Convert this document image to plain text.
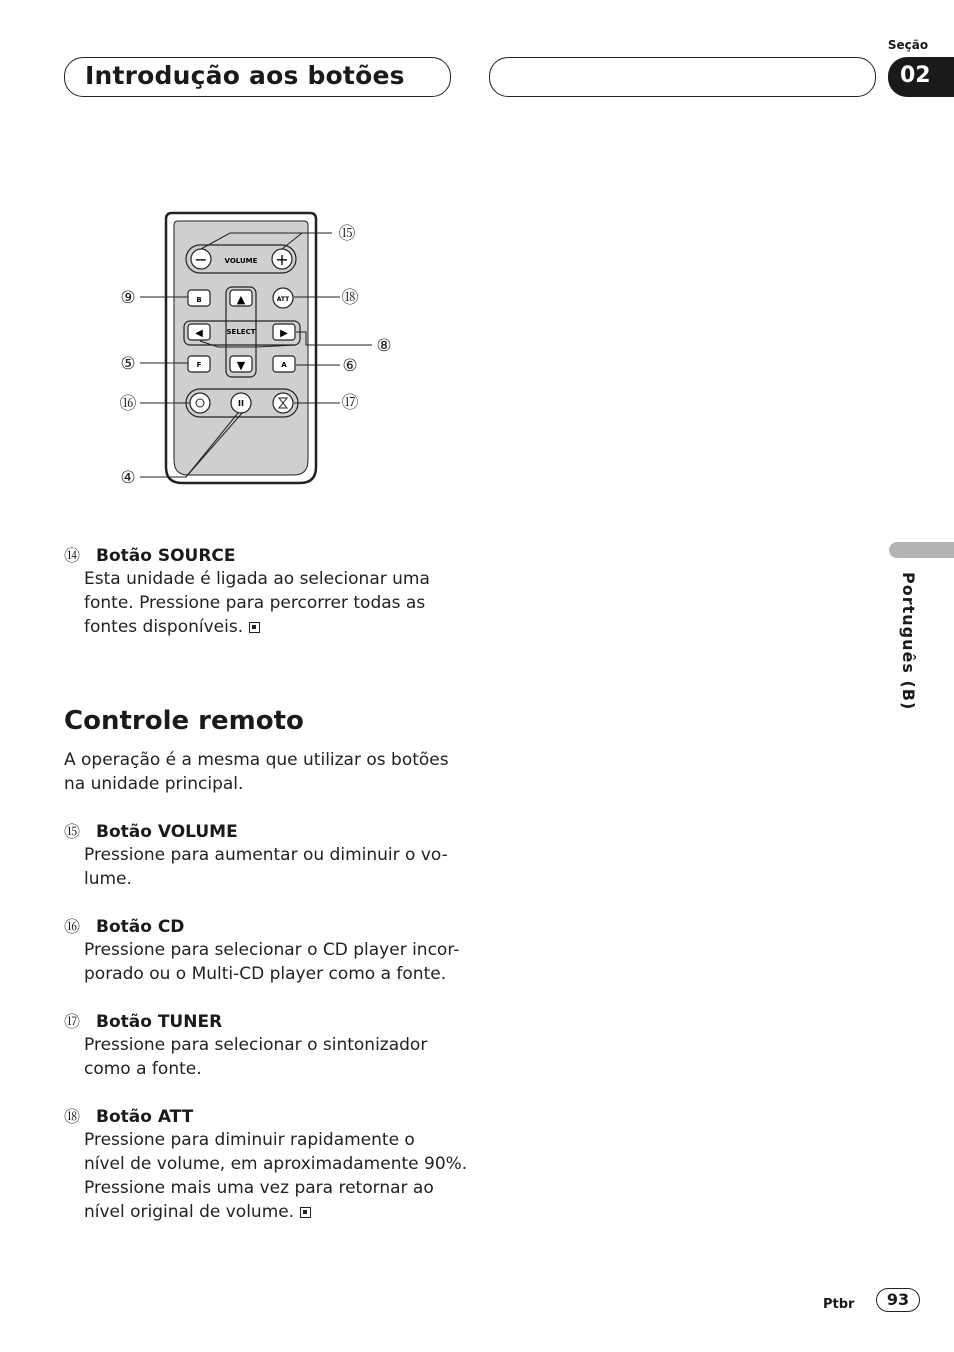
Introdução aos botões
Seção
02
−	+
VOLUME
B	ATT
▲
▼
◀	▶
SELECT
F	A
II
⑮
⑨	⑱
⑧
⑤	⑥
⑯	⑰
④
⑭ Botão SOURCE

Esta unidade é ligada ao selecionar uma

fonte. Pressione para percorrer todas as

fontes disponíveis.

Controle remoto

A operação é a mesma que utilizar os botões

na unidade principal.

⑮ Botão VOLUME

Pressione para aumentar ou diminuir o vo-

lume.

⑯ Botão CD

Pressione para selecionar o CD player incor-

porado ou o Multi-CD player como a fonte.

⑰ Botão TUNER

Pressione para selecionar o sintonizador

como a fonte.

⑱ Botão ATT

Pressione para diminuir rapidamente o

nível de volume, em aproximadamente 90%.

Pressione mais uma vez para retornar ao

nível original de volume.

Português (B)
Ptbr	93
